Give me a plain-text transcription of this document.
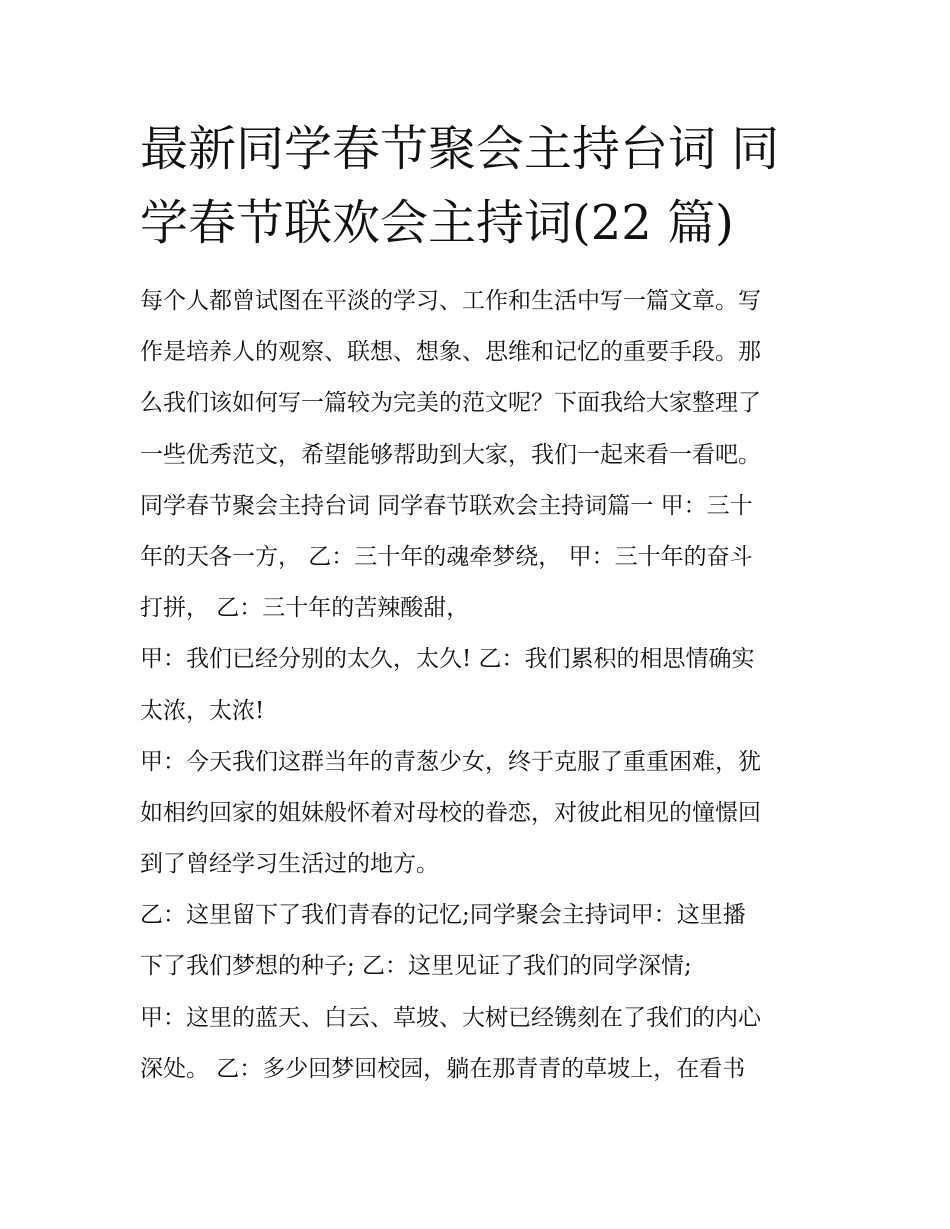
最新同学春节聚会主持台词 同
学春节联欢会主持词(22 篇)
每个人都曾试图在平淡的学习、工作和生活中写一篇文章。写
作是培养人的观察、联想、想象、思维和记忆的重要手段。那
么我们该如何写一篇较为完美的范文呢？下面我给大家整理了
一些优秀范文，希望能够帮助到大家，我们一起来看一看吧。
同学春节聚会主持台词 同学春节联欢会主持词篇一 甲：三十
年的天各一方， 乙：三十年的魂牵梦绕， 甲：三十年的奋斗
打拼， 乙：三十年的苦辣酸甜，
甲：我们已经分别的太久，太久! 乙：我们累积的相思情确实
太浓，太浓!
甲：今天我们这群当年的青葱少女，终于克服了重重困难，犹
如相约回家的姐妹般怀着对母校的眷恋，对彼此相见的憧憬回
到了曾经学习生活过的地方。
乙：这里留下了我们青春的记忆;同学聚会主持词甲：这里播
下了我们梦想的种子; 乙：这里见证了我们的同学深情;
甲：这里的蓝天、白云、草坡、大树已经镌刻在了我们的内心
深处。 乙：多少回梦回校园，躺在那青青的草坡上，在看书
